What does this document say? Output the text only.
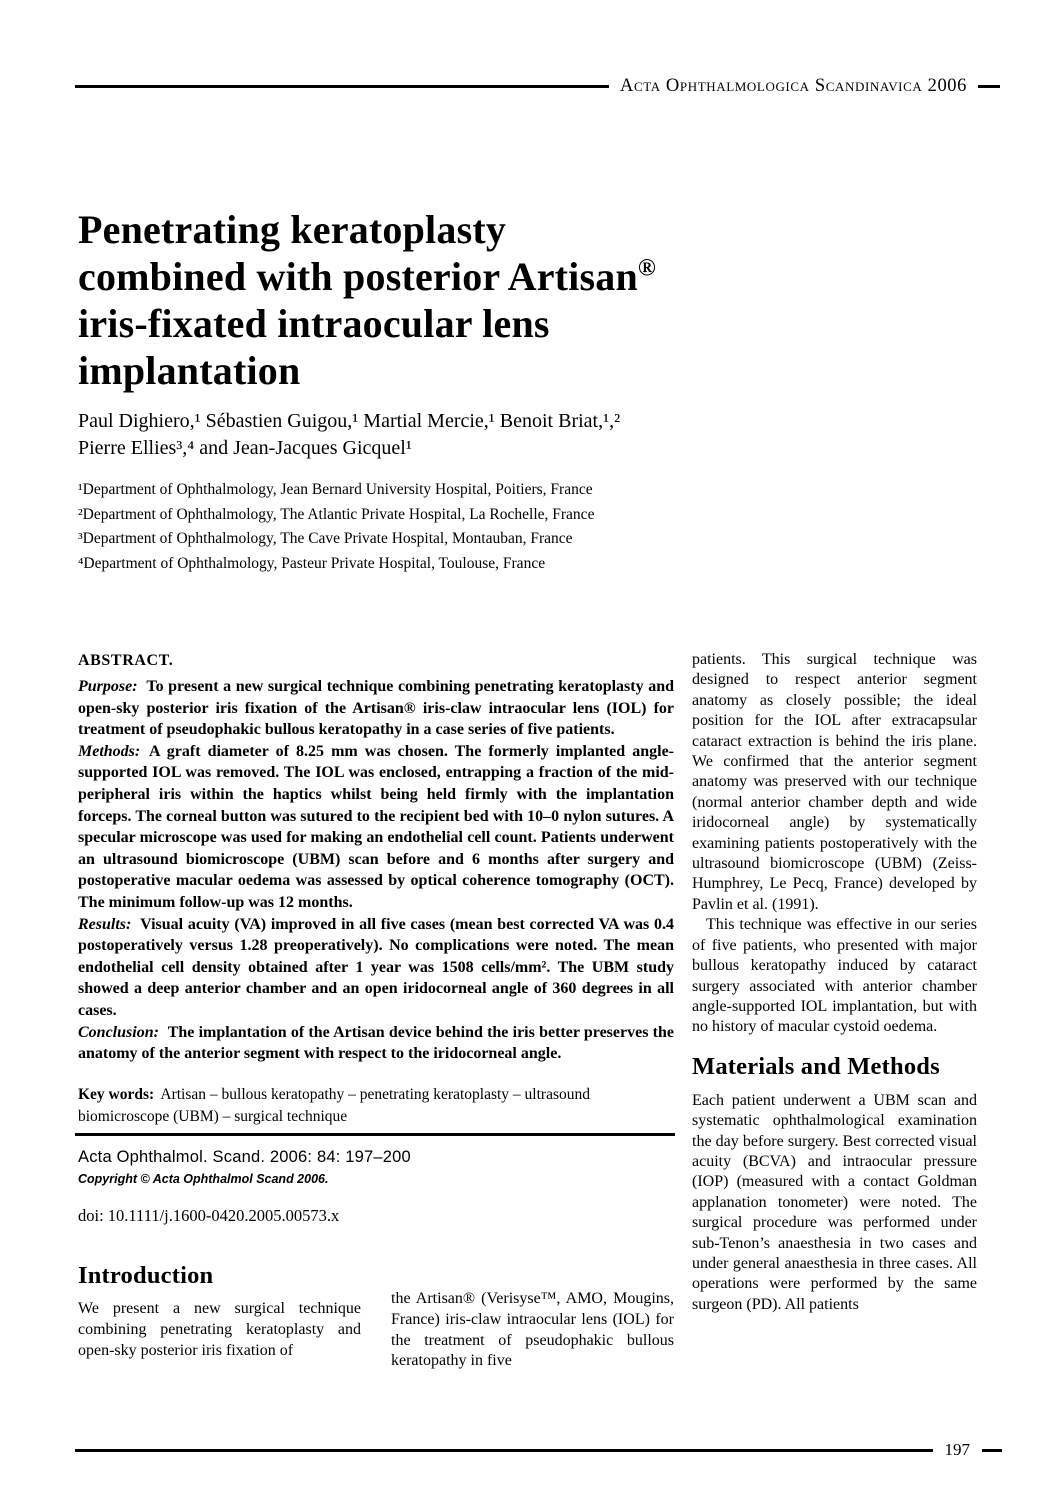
Acta Ophthalmologica Scandinavica 2006
Penetrating keratoplasty
combined with posterior Artisan®
iris-fixated intraocular lens
implantation
Paul Dighiero,¹ Sébastien Guigou,¹ Martial Mercie,¹ Benoit Briat,¹,² Pierre Ellies³,⁴ and Jean-Jacques Gicquel¹
¹Department of Ophthalmology, Jean Bernard University Hospital, Poitiers, France
²Department of Ophthalmology, The Atlantic Private Hospital, La Rochelle, France
³Department of Ophthalmology, The Cave Private Hospital, Montauban, France
⁴Department of Ophthalmology, Pasteur Private Hospital, Toulouse, France
ABSTRACT.

Purpose: To present a new surgical technique combining penetrating keratoplasty and open-sky posterior iris fixation of the Artisan® iris-claw intraocular lens (IOL) for treatment of pseudophakic bullous keratopathy in a case series of five patients.

Methods: A graft diameter of 8.25 mm was chosen. The formerly implanted angle-supported IOL was removed. The IOL was enclosed, entrapping a fraction of the mid-peripheral iris within the haptics whilst being held firmly with the implantation forceps. The corneal button was sutured to the recipient bed with 10–0 nylon sutures. A specular microscope was used for making an endothelial cell count. Patients underwent an ultrasound biomicroscope (UBM) scan before and 6 months after surgery and postoperative macular oedema was assessed by optical coherence tomography (OCT). The minimum follow-up was 12 months.

Results: Visual acuity (VA) improved in all five cases (mean best corrected VA was 0.4 postoperatively versus 1.28 preoperatively). No complications were noted. The mean endothelial cell density obtained after 1 year was 1508 cells/mm². The UBM study showed a deep anterior chamber and an open iridocorneal angle of 360 degrees in all cases.

Conclusion: The implantation of the Artisan device behind the iris better preserves the anatomy of the anterior segment with respect to the iridocorneal angle.

Key words: Artisan – bullous keratopathy – penetrating keratoplasty – ultrasound biomicroscope (UBM) – surgical technique
Acta Ophthalmol. Scand. 2006: 84: 197–200
Copyright © Acta Ophthalmol Scand 2006.
doi: 10.1111/j.1600-0420.2005.00573.x
Introduction

We present a new surgical technique combining penetrating keratoplasty and open-sky posterior iris fixation of

the Artisan® (Verisyse™, AMO, Mougins, France) iris-claw intraocular lens (IOL) for the treatment of pseudophakic bullous keratopathy in five

patients. This surgical technique was designed to respect anterior segment anatomy as closely possible; the ideal position for the IOL after extracapsular cataract extraction is behind the iris plane. We confirmed that the anterior segment anatomy was preserved with our technique (normal anterior chamber depth and wide iridocorneal angle) by systematically examining patients postoperatively with the ultrasound biomicroscope (UBM) (Zeiss-Humphrey, Le Pecq, France) developed by Pavlin et al. (1991).

This technique was effective in our series of five patients, who presented with major bullous keratopathy induced by cataract surgery associated with anterior chamber angle-supported IOL implantation, but with no history of macular cystoid oedema.

Materials and Methods

Each patient underwent a UBM scan and systematic ophthalmological examination the day before surgery. Best corrected visual acuity (BCVA) and intraocular pressure (IOP) (measured with a contact Goldman applanation tonometer) were noted. The surgical procedure was performed under sub-Tenon’s anaesthesia in two cases and under general anaesthesia in three cases. All operations were performed by the same surgeon (PD). All patients

197
